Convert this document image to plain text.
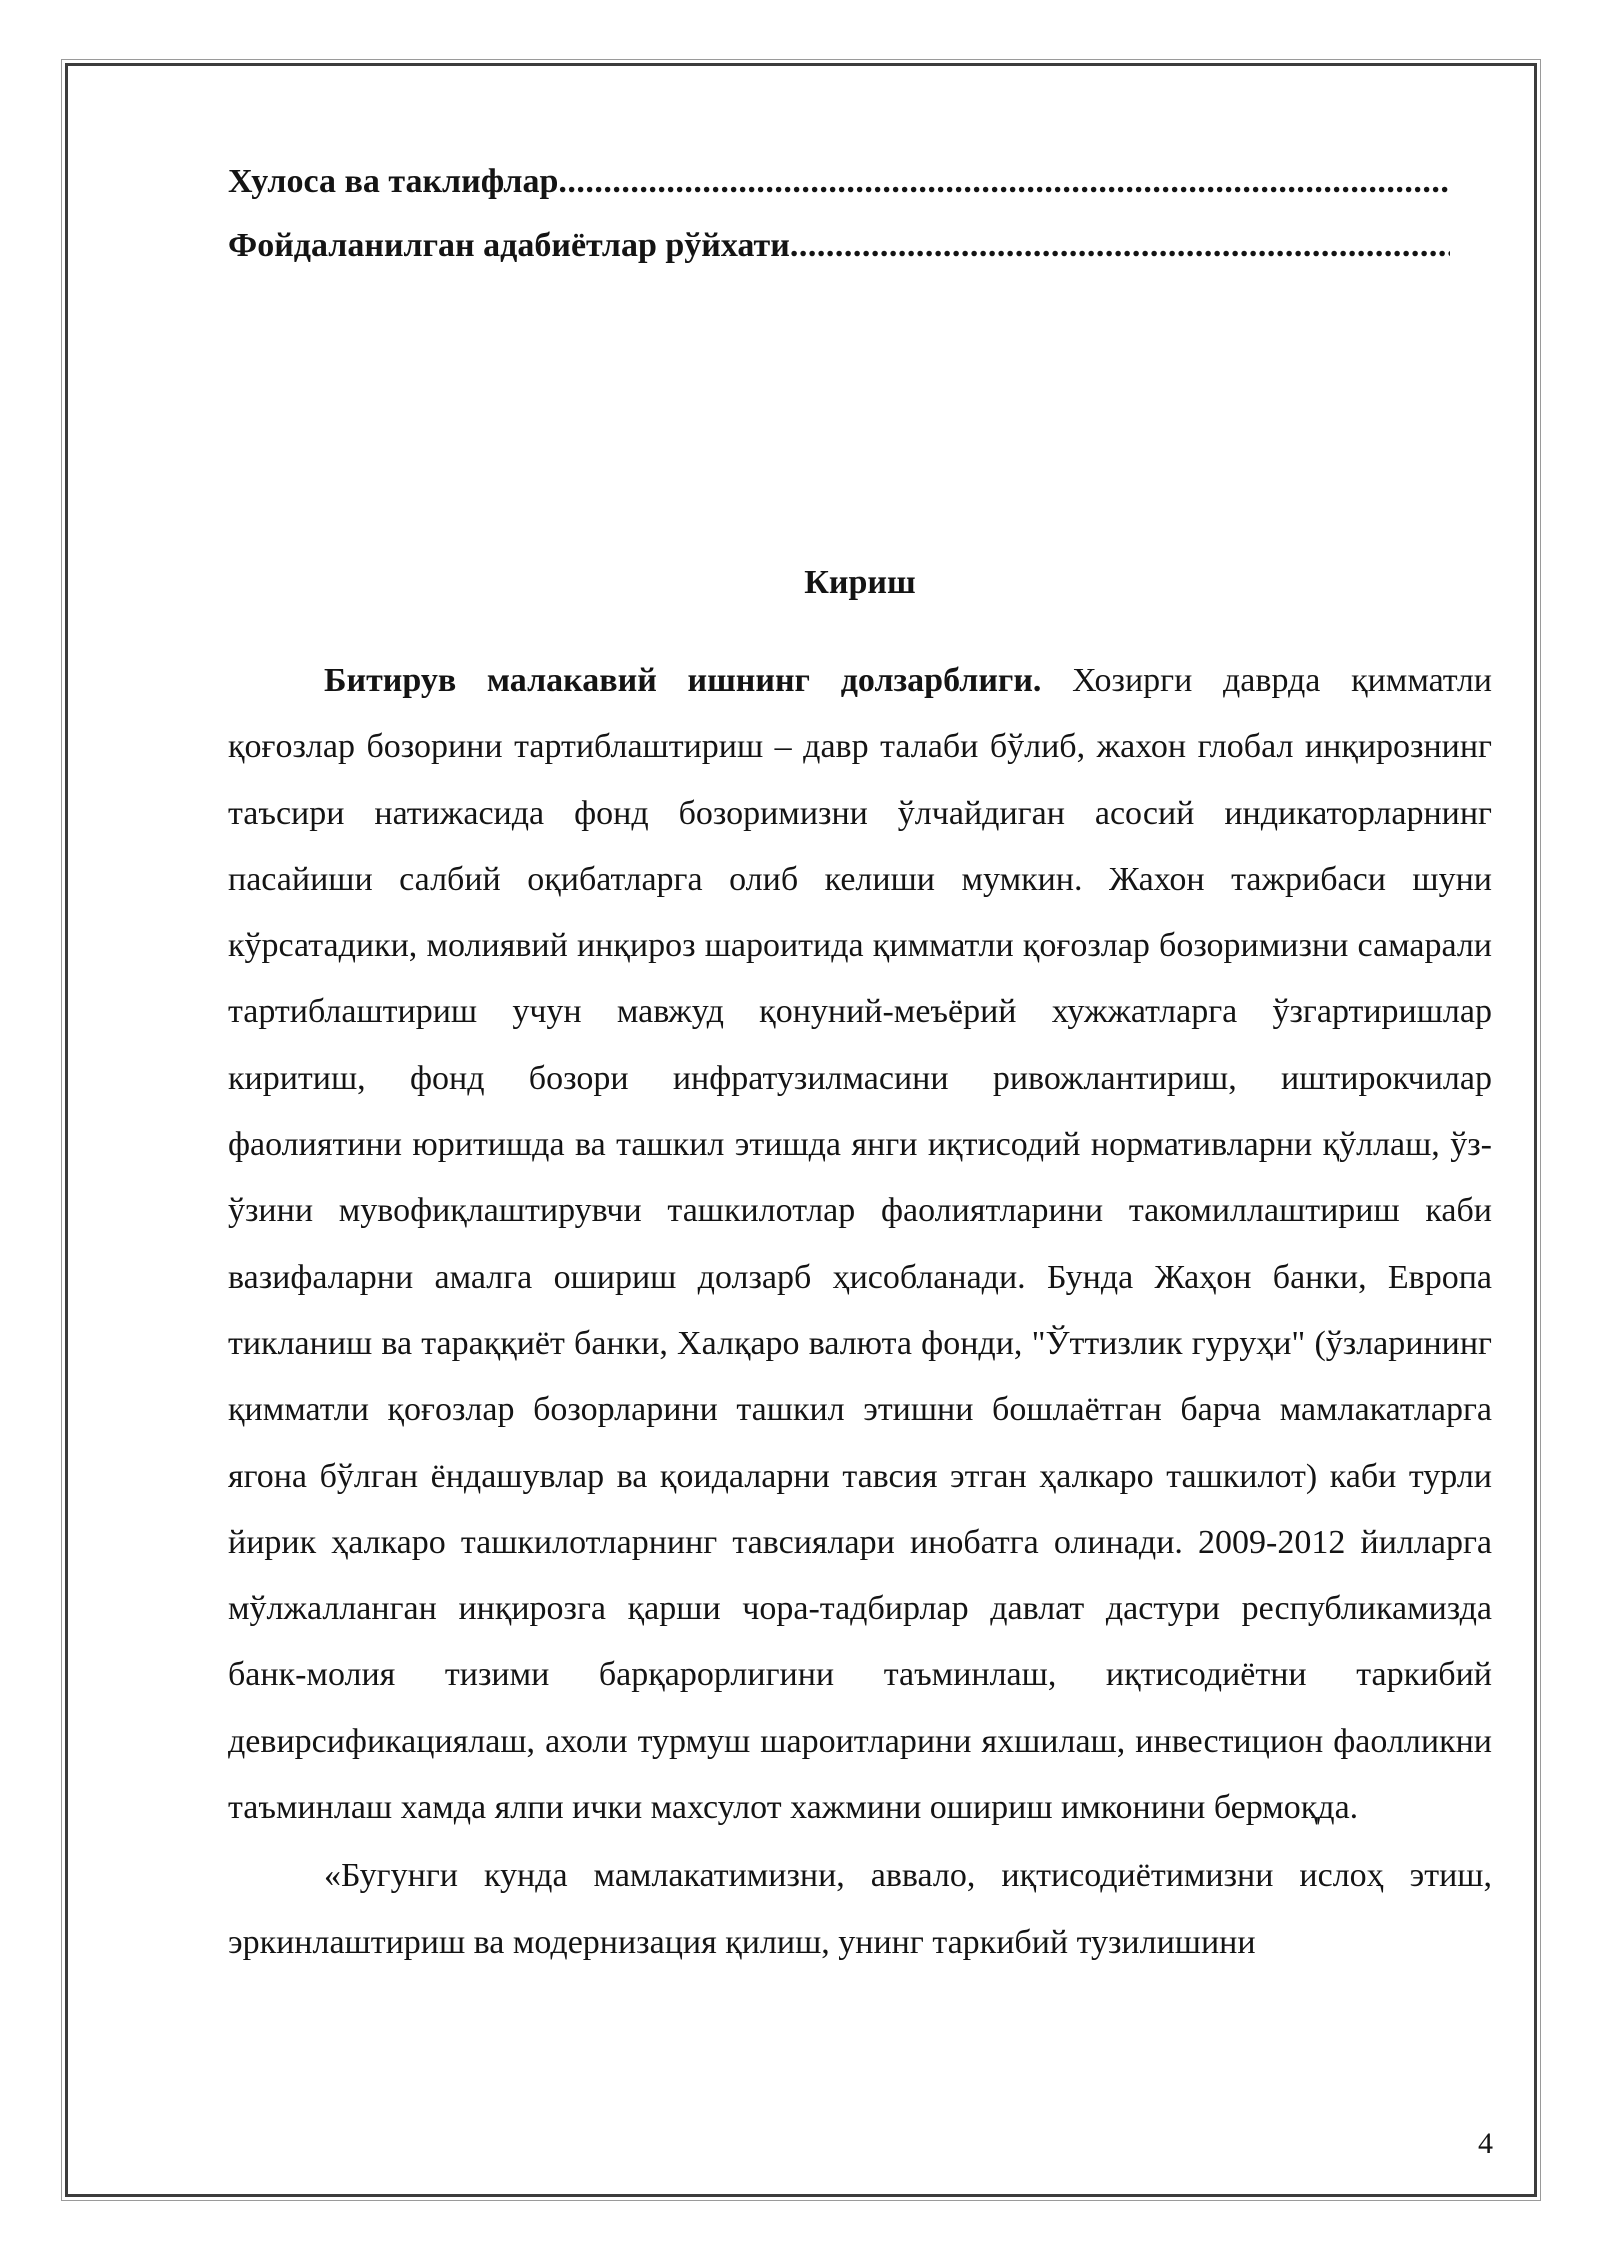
Хулоса ва таклифлар
.....
Фойдаланилган адабиётлар рўйхати
.....
Кириш

Битирув малакавий ишнинг долзарблиги. Хозирги даврда қимматли қоғозлар бозорини тартиблаштириш – давр талаби бўлиб, жахон глобал инқирознинг таъсири натижасида фонд бозоримизни ўлчайдиган асосий индикаторларнинг пасайиши салбий оқибатларга олиб келиши мумкин. Жахон тажрибаси шуни кўрсатадики, молиявий инқироз шароитида қимматли қоғозлар бозоримизни самарали тартиблаштириш учун мавжуд қонуний-меъёрий хужжатларга ўзгартиришлар киритиш, фонд бозори инфратузилмасини ривожлантириш, иштирокчилар фаолиятини юритишда ва ташкил этишда янги иқтисодий нормативларни қўллаш, ўз-ўзини мувофиқлаштирувчи ташкилотлар фаолиятларини такомиллаштириш каби вазифаларни амалга ошириш долзарб ҳисобланади. Бунда Жаҳон банки, Европа тикланиш ва тараққиёт банки, Халқаро валюта фонди, "Ўттизлик гуруҳи" (ўзларининг қимматли қоғозлар бозорларини ташкил этишни бошлаётган барча мамлакатларга ягона бўлган ёндашувлар ва қоидаларни тавсия этган ҳалкаро ташкилот) каби турли йирик ҳалкаро ташкилотларнинг тавсиялари инобатга олинади. 2009-2012 йилларга мўлжалланган инқирозга қарши чора-тадбирлар давлат дастури республикамизда банк-молия тизими барқарорлигини таъминлаш, иқтисодиётни таркибий девирсификациялаш, ахоли турмуш шароитларини яхшилаш, инвестицион фаолликни таъминлаш хамда ялпи ички махсулот хажмини ошириш имконини бермоқда.

«Бугунги кунда мамлакатимизни, аввало, иқтисодиётимизни ислоҳ этиш, эркинлаштириш ва модернизация қилиш, унинг таркибий тузилишини

4
